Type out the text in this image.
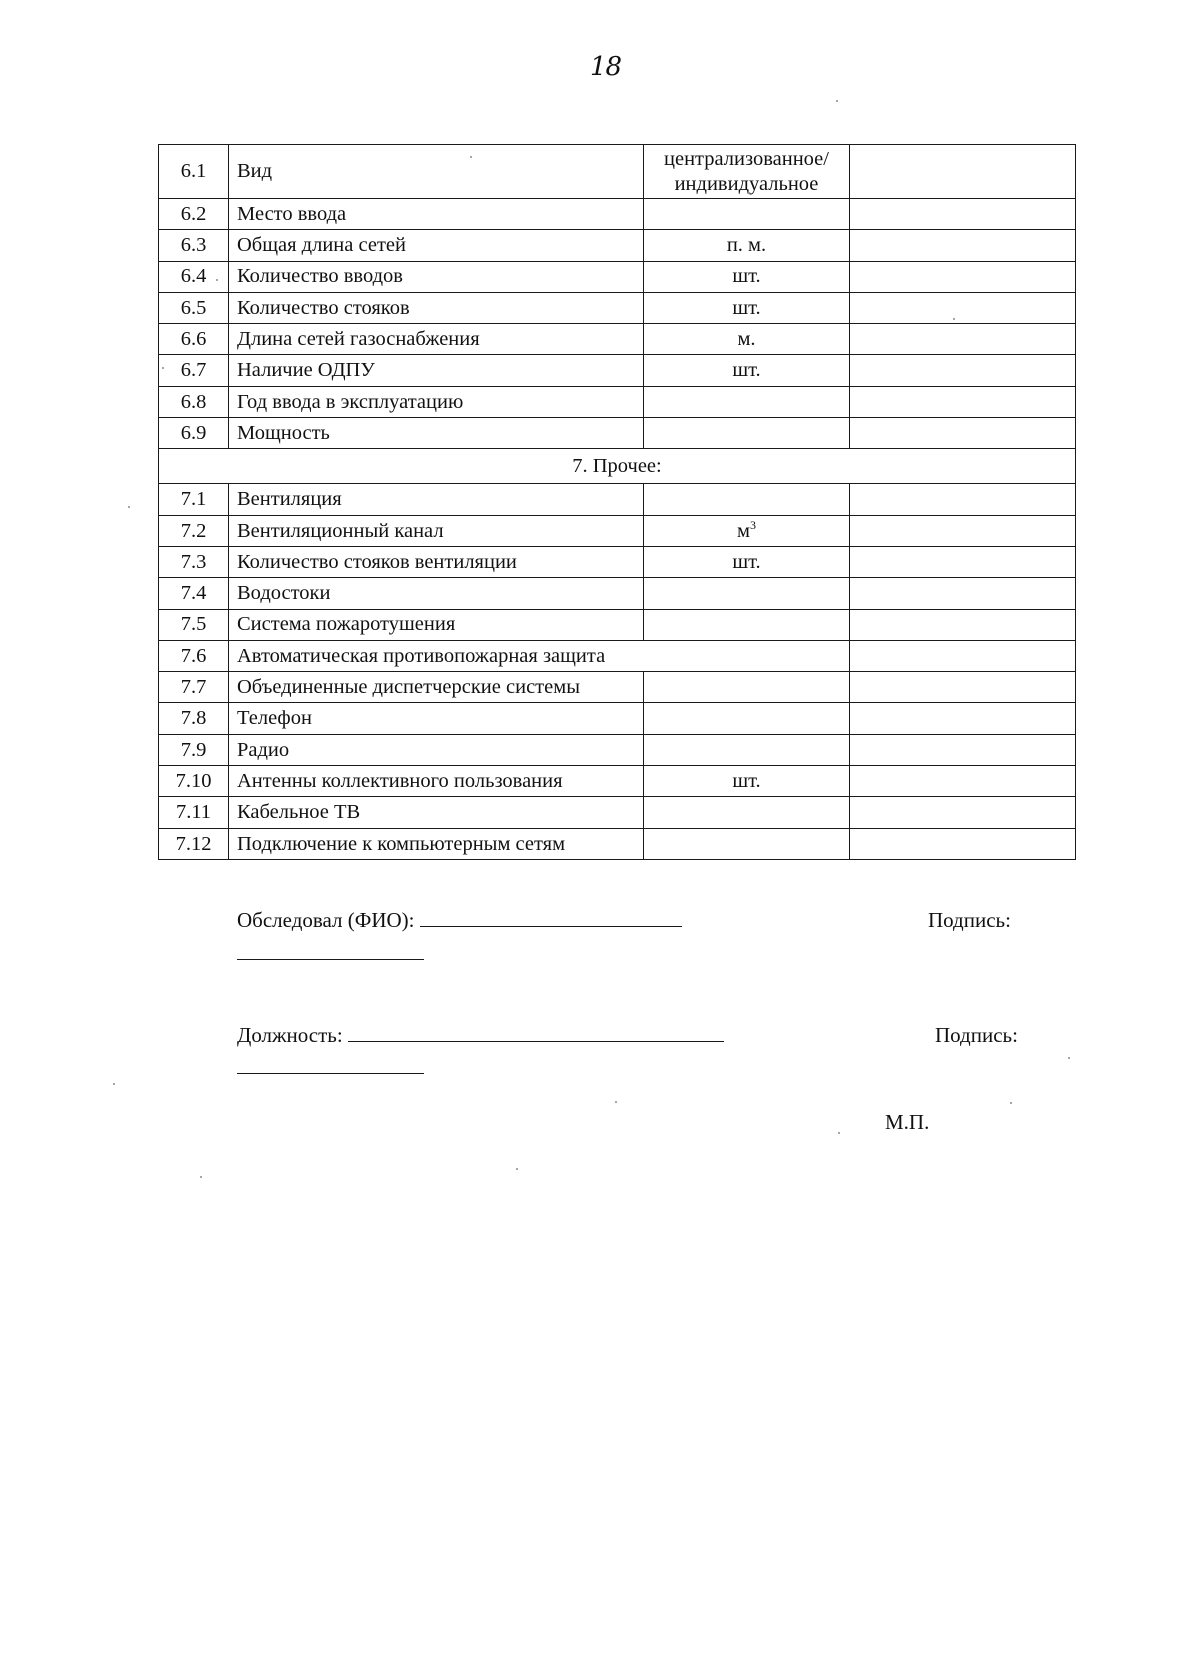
18
6.1	Вид	централизованное/
индивидуальное	

6.2	Место ввода		
6.3	Общая длина сетей	п. м.	
6.4	Количество вводов	шт.	
6.5	Количество стояков	шт.	
6.6	Длина сетей газоснабжения	м.	
6.7	Наличие ОДПУ	шт.	
6.8	Год ввода в эксплуатацию		
6.9	Мощность		
7. Прочее:			
7.1	Вентиляция		
7.2	Вентиляционный канал	$м^3$	
7.3	Количество стояков вентиляции	шт.	
7.4	Водостоки		
7.5	Система пожаротушения		
7.6	Автоматическая противопожарная защита		
7.7	Объединенные диспетчерские системы		
7.8	Телефон		
7.9	Радио		
7.10	Антенны коллективного пользования	шт.	
7.11	Кабельное ТВ		
7.12	Подключение к компьютерным сетям		
Обследовал (ФИО):	Подпись:
Должность:	Подпись:
М.П.
